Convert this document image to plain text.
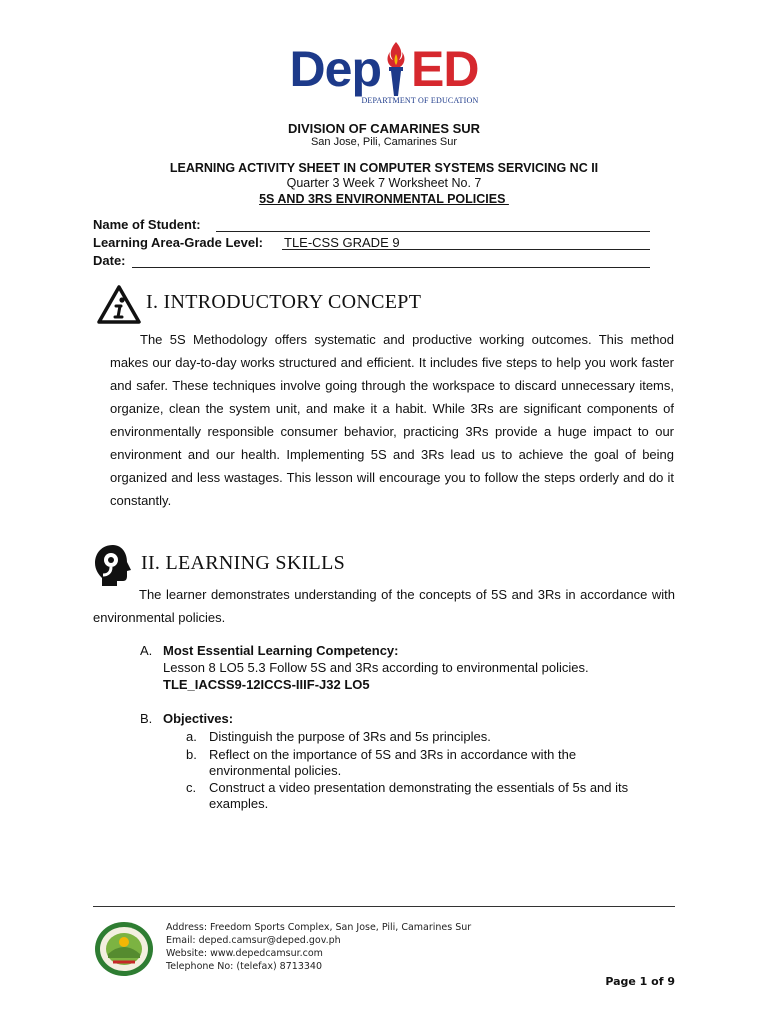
Dep ED
DEPARTMENT OF EDUCATION
DIVISION OF CAMARINES SUR
San Jose, Pili, Camarines Sur
LEARNING ACTIVITY SHEET IN COMPUTER SYSTEMS SERVICING NC II
Quarter 3 Week 7 Worksheet No. 7
5S AND 3RS ENVIRONMENTAL POLICIES
Name of Student:
Learning Area-Grade Level: TLE-CSS GRADE 9
Date:
I. INTRODUCTORY CONCEPT
The 5S Methodology offers systematic and productive working outcomes. This method makes our day-to-day works structured and efficient. It includes five steps to help you work faster and safer. These techniques involve going through the workspace to discard unnecessary items, organize, clean the system unit, and make it a habit. While 3Rs are significant components of environmentally responsible consumer behavior, practicing 3Rs provide a huge impact to our environment and our health. Implementing 5S and 3Rs lead us to achieve the goal of being organized and less wastages. This lesson will encourage you to follow the steps orderly and do it constantly.
II. LEARNING SKILLS
The learner demonstrates understanding of the concepts of 5S and 3Rs in accordance with environmental policies.
A. Most Essential Learning Competency:
Lesson 8 LO5 5.3 Follow 5S and 3Rs according to environmental policies.
TLE_IACSS9-12ICCS-IIIF-J32 LO5
B. Objectives:
a. Distinguish the purpose of 3Rs and 5s principles.
b. Reflect on the importance of 5S and 3Rs in accordance with the environmental policies.
c. Construct a video presentation demonstrating the essentials of 5s and its examples.
Address: Freedom Sports Complex, San Jose, Pili, Camarines Sur
Email: deped.camsur@deped.gov.ph
Website: www.depedcamsur.com
Telephone No: (telefax) 8713340
Page 1 of 9
